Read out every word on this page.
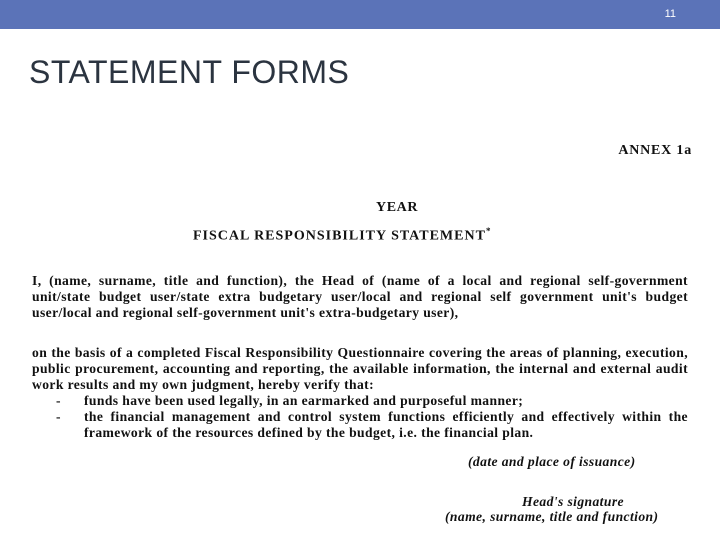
11
STATEMENT FORMS
ANNEX 1a
YEAR
FISCAL RESPONSIBILITY STATEMENT*
I, (name, surname, title and function), the Head of (name of a local and regional self-government unit/state budget user/state extra budgetary user/local and regional self government unit's budget user/local and regional self-government unit's extra-budgetary user),
on the basis of a completed Fiscal Responsibility Questionnaire covering the areas of planning, execution, public procurement, accounting and reporting, the available information, the internal and external audit work results and my own judgment, hereby verify that:
-	funds have been used legally, in an earmarked and purposeful manner;
-	the financial management and control system functions efficiently and effectively within the framework of the resources defined by the budget, i.e. the financial plan.
(date and place of issuance)
Head's signature
(name, surname, title and function)
